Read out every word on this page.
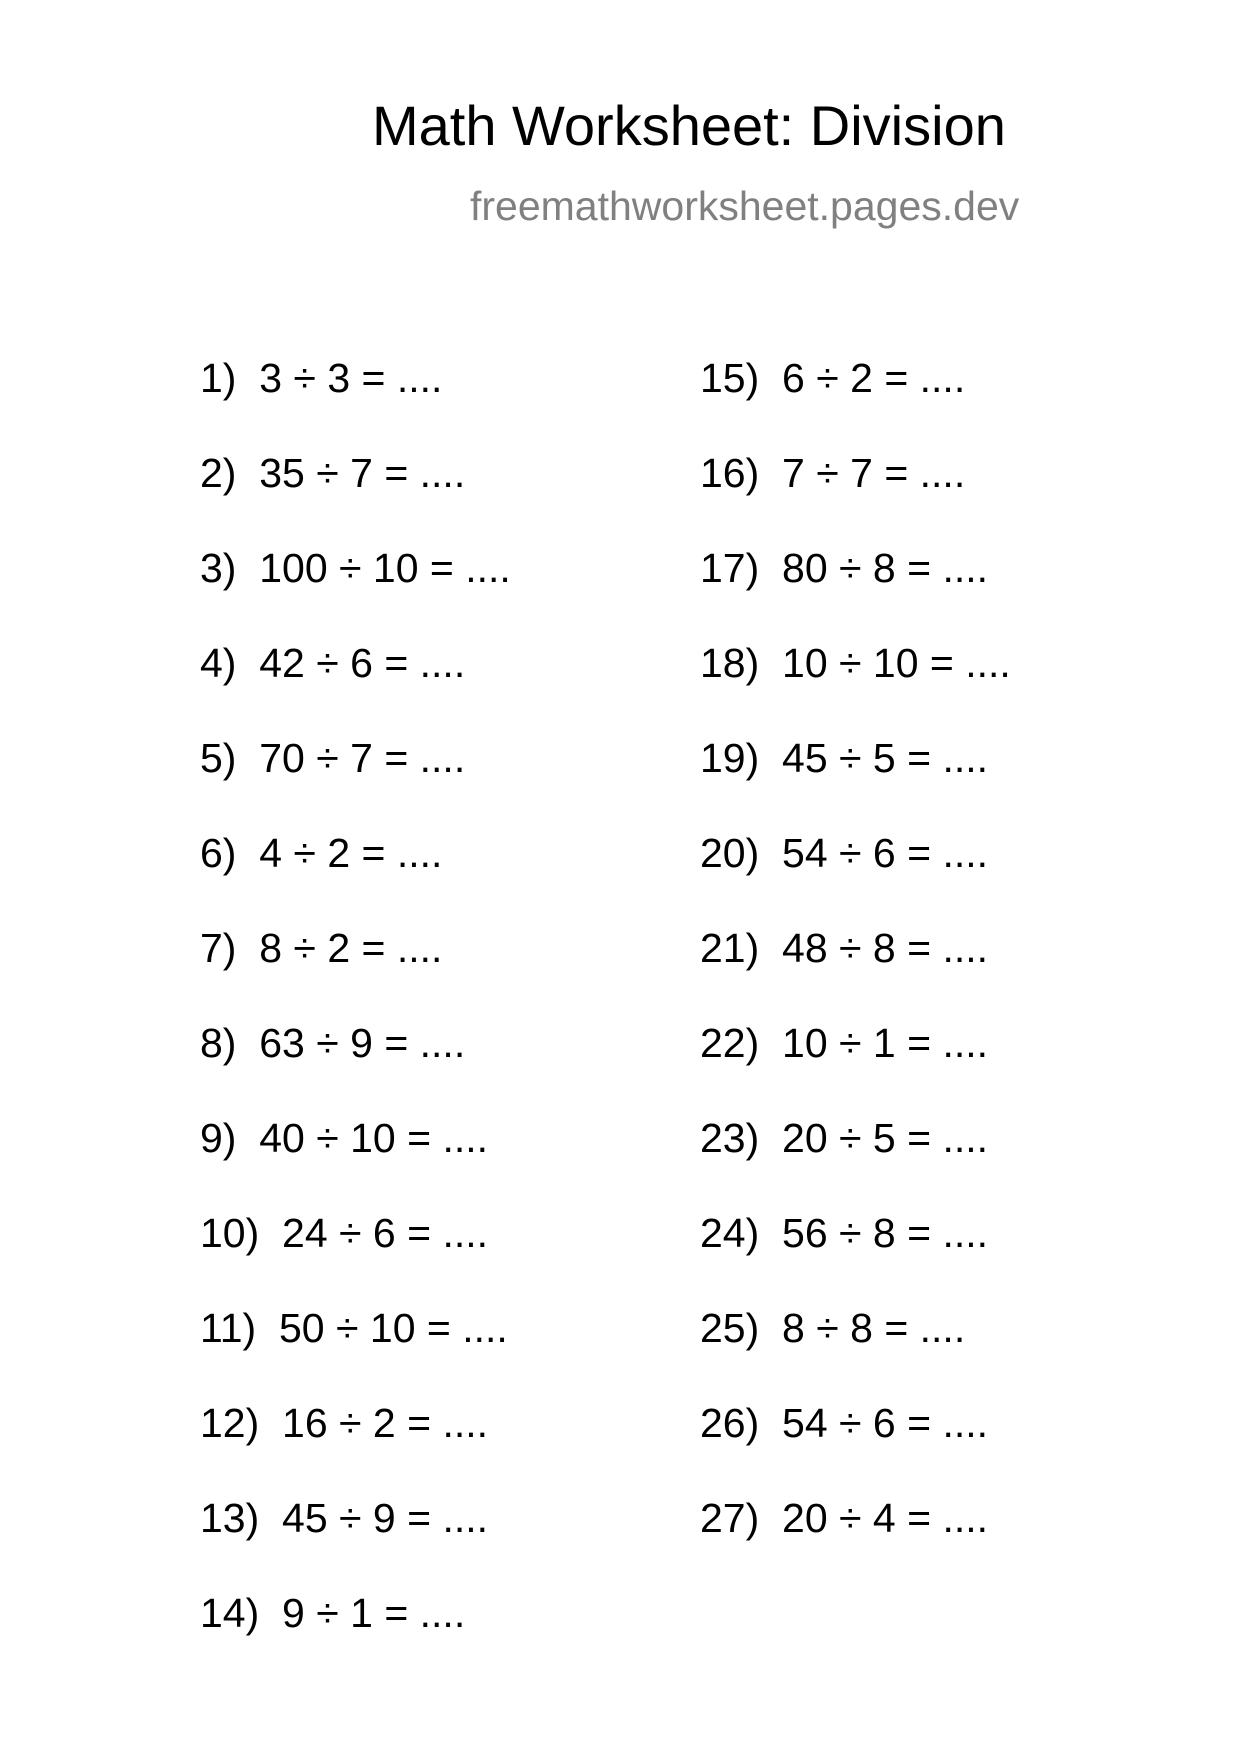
Math Worksheet: Division
freemathworksheet.pages.dev
1)  3 ÷ 3 = ....
2)  35 ÷ 7 = ....
3)  100 ÷ 10 = ....
4)  42 ÷ 6 = ....
5)  70 ÷ 7 = ....
6)  4 ÷ 2 = ....
7)  8 ÷ 2 = ....
8)  63 ÷ 9 = ....
9)  40 ÷ 10 = ....
10)  24 ÷ 6 = ....
11)  50 ÷ 10 = ....
12)  16 ÷ 2 = ....
13)  45 ÷ 9 = ....
14)  9 ÷ 1 = ....
15)  6 ÷ 2 = ....
16)  7 ÷ 7 = ....
17)  80 ÷ 8 = ....
18)  10 ÷ 10 = ....
19)  45 ÷ 5 = ....
20)  54 ÷ 6 = ....
21)  48 ÷ 8 = ....
22)  10 ÷ 1 = ....
23)  20 ÷ 5 = ....
24)  56 ÷ 8 = ....
25)  8 ÷ 8 = ....
26)  54 ÷ 6 = ....
27)  20 ÷ 4 = ....
